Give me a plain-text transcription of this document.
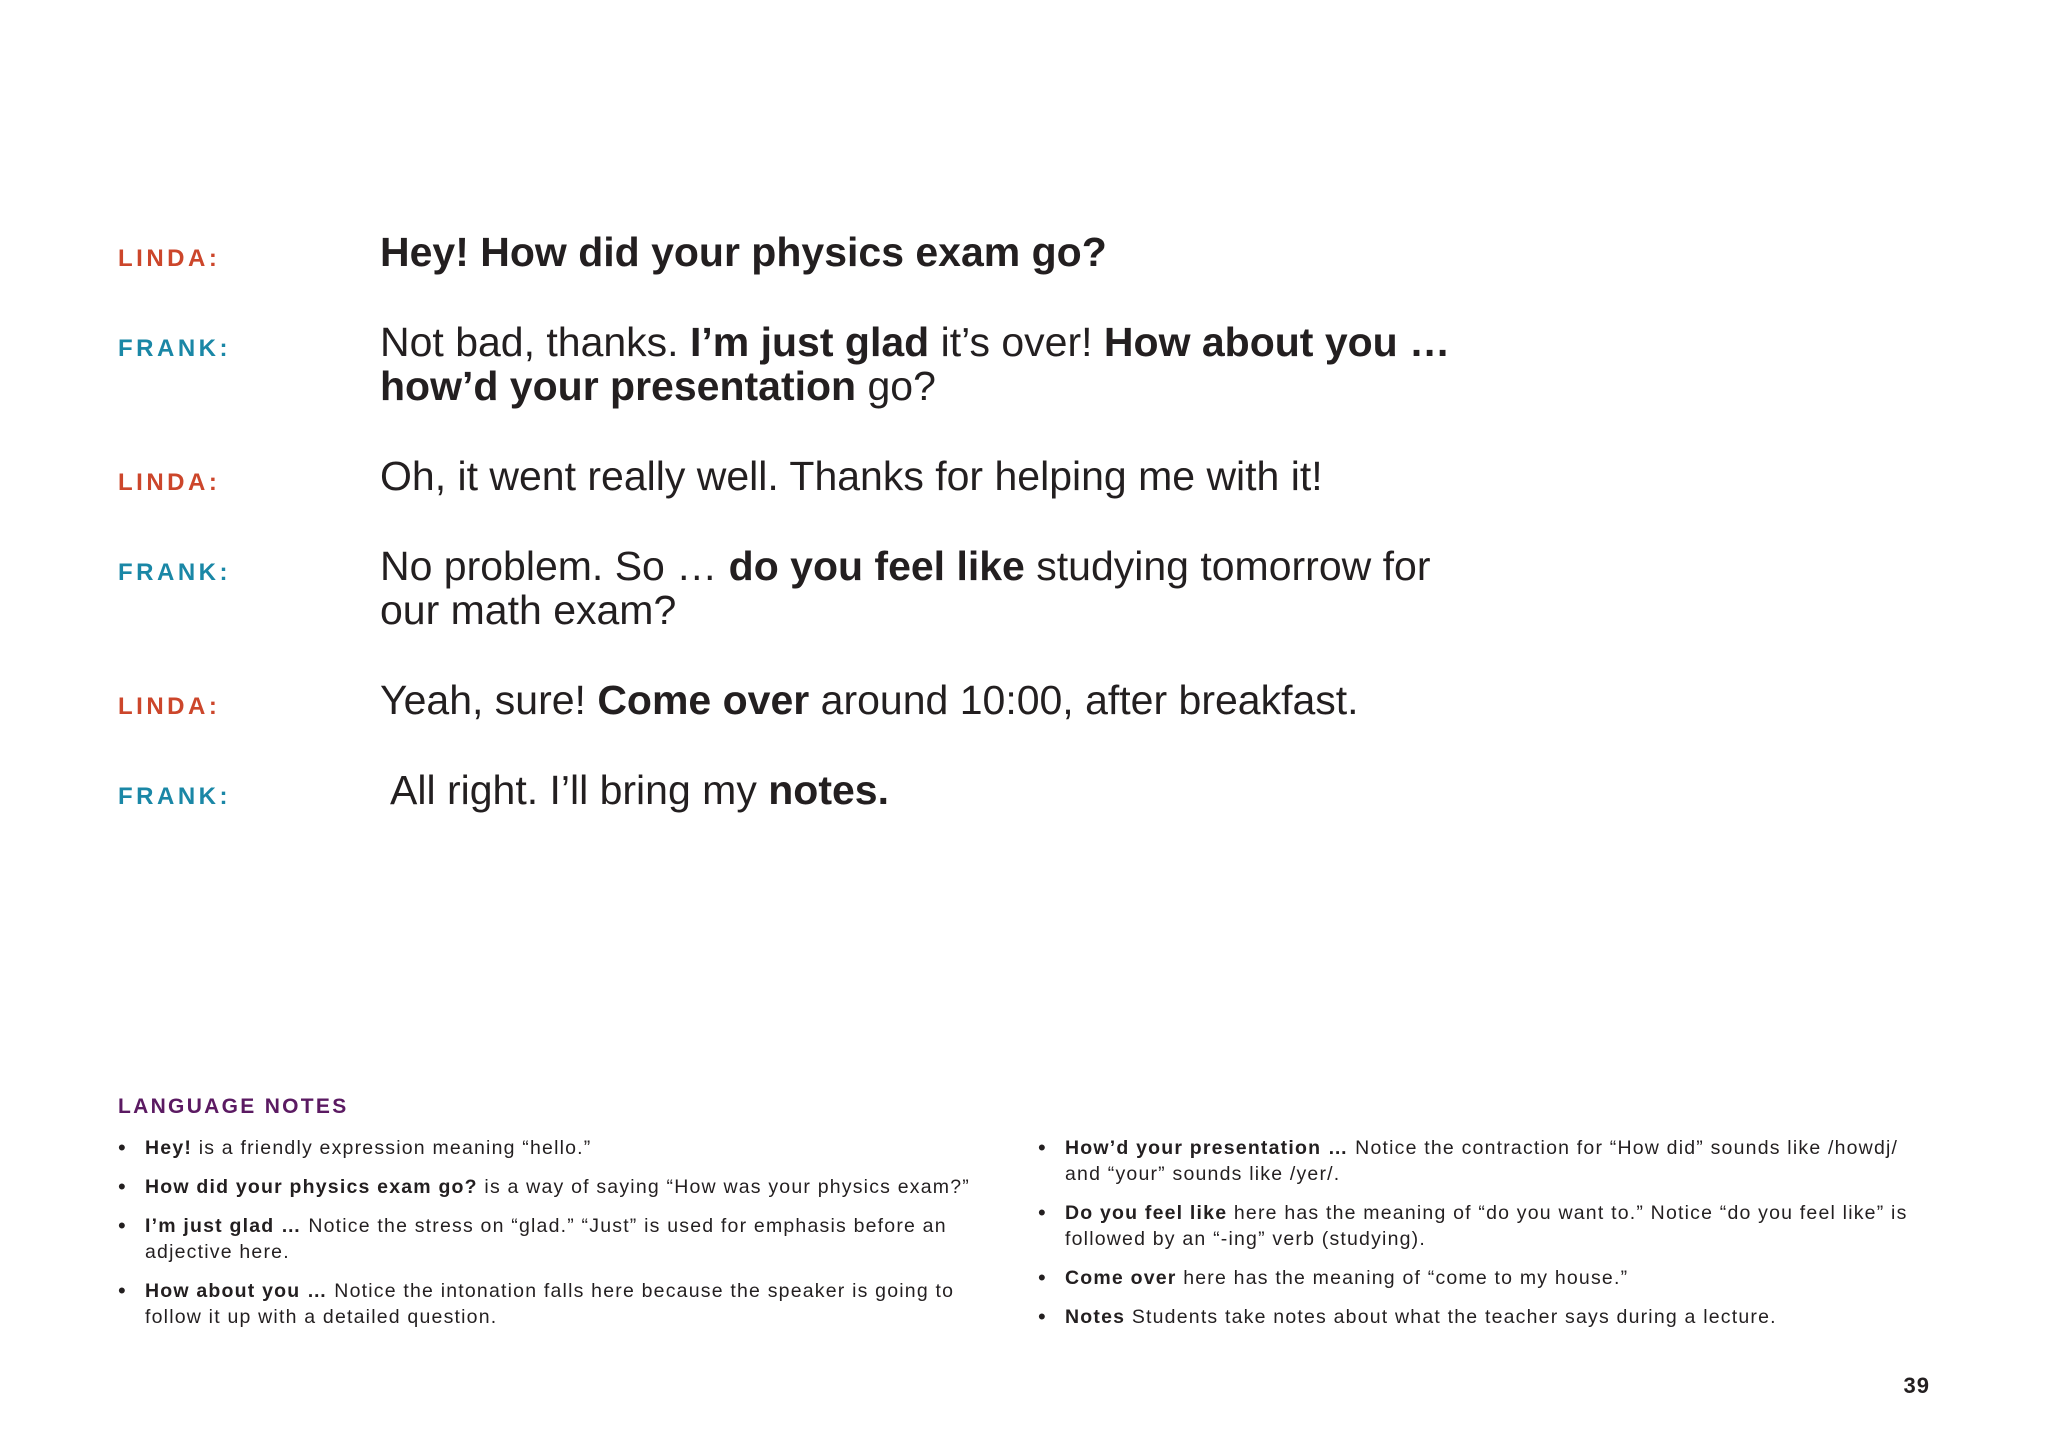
LINDA:	Hey! How did your physics exam go?
FRANK:	Not bad, thanks. I’m just glad it’s over! How about you …
how’d your presentation go?
LINDA:	Oh, it went really well. Thanks for helping me with it!
FRANK:	No problem. So … do you feel like studying tomorrow for
our math exam?
LINDA:	Yeah, sure! Come over around 10:00, after breakfast.
FRANK:	All right. I’ll bring my notes.
LANGUAGE NOTES
• Hey! is a friendly expression meaning “hello.”
• How did your physics exam go? is a way of saying “How was your physics exam?”
• I’m just glad … Notice the stress on “glad.” “Just” is used for emphasis before an
adjective here.
• How about you … Notice the intonation falls here because the speaker is going to
follow it up with a detailed question.
• How’d your presentation … Notice the contraction for “How did” sounds like /howdj/
and “your” sounds like /yer/.
• Do you feel like here has the meaning of “do you want to.” Notice “do you feel like” is
followed by an “-ing” verb (studying).
• Come over here has the meaning of “come to my house.”
• Notes Students take notes about what the teacher says during a lecture.
39
